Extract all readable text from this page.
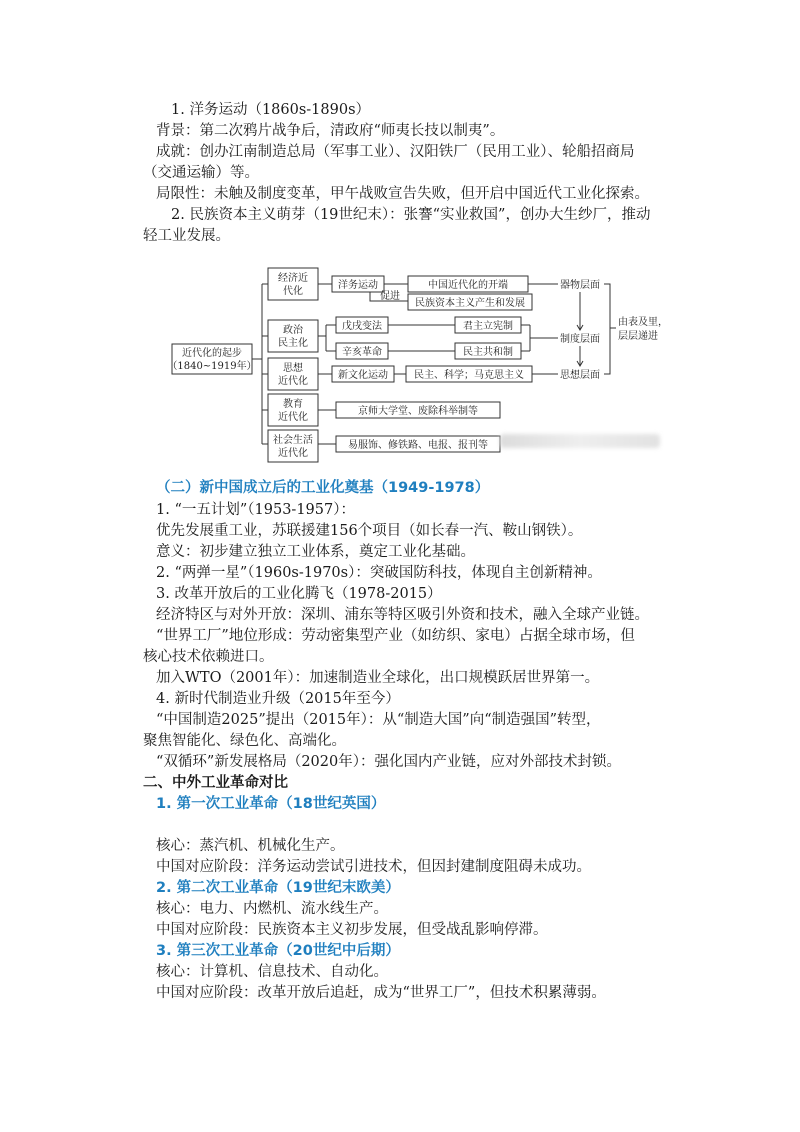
1. 洋务运动（1860s-1890s）
背景：第二次鸦片战争后，清政府“师夷长技以制夷”。
成就：创办江南制造总局（军事工业）、汉阳铁厂（民用工业）、轮船招商局
（交通运输）等。
局限性：未触及制度变革，甲午战败宣告失败，但开启中国近代工业化探索。
2. 民族资本主义萌芽（19世纪末）：张謇“实业救国”，创办大生纱厂，推动
轻工业发展。
近代化的起步
（1840~1919年）
经济近
代化
政治
民主化
思想
近代化
教育
近代化
社会生活
近代化
洋务运动	中国近代化的开端
促进
民族资本主义产生和发展
器物层面
戊戌变法
辛亥革命
君主立宪制
民主共和制
制度层面
新文化运动	民主、科学；马克思主义	思想层面
由表及里，
层层递进
京师大学堂、废除科举制等
易服饰、修铁路、电报、报刊等
（二）新中国成立后的工业化奠基（1949-1978）
1. “一五计划”（1953-1957）：
优先发展重工业，苏联援建156个项目（如长春一汽、鞍山钢铁）。
意义：初步建立独立工业体系，奠定工业化基础。
2. “两弹一星”（1960s-1970s）：突破国防科技，体现自主创新精神。
3. 改革开放后的工业化腾飞（1978-2015）
经济特区与对外开放：深圳、浦东等特区吸引外资和技术，融入全球产业链。
“世界工厂”地位形成：劳动密集型产业（如纺织、家电）占据全球市场，但
核心技术依赖进口。
加入WTO（2001年）：加速制造业全球化，出口规模跃居世界第一。
4. 新时代制造业升级（2015年至今）
“中国制造2025”提出（2015年）：从“制造大国”向“制造强国”转型，
聚焦智能化、绿色化、高端化。
“双循环”新发展格局（2020年）：强化国内产业链，应对外部技术封锁。
二、中外工业革命对比
1. 第一次工业革命（18世纪英国）
核心：蒸汽机、机械化生产。
中国对应阶段：洋务运动尝试引进技术，但因封建制度阻碍未成功。
2. 第二次工业革命（19世纪末欧美）
核心：电力、内燃机、流水线生产。
中国对应阶段：民族资本主义初步发展，但受战乱影响停滞。
3. 第三次工业革命（20世纪中后期）
核心：计算机、信息技术、自动化。
中国对应阶段：改革开放后追赶，成为“世界工厂”，但技术积累薄弱。
